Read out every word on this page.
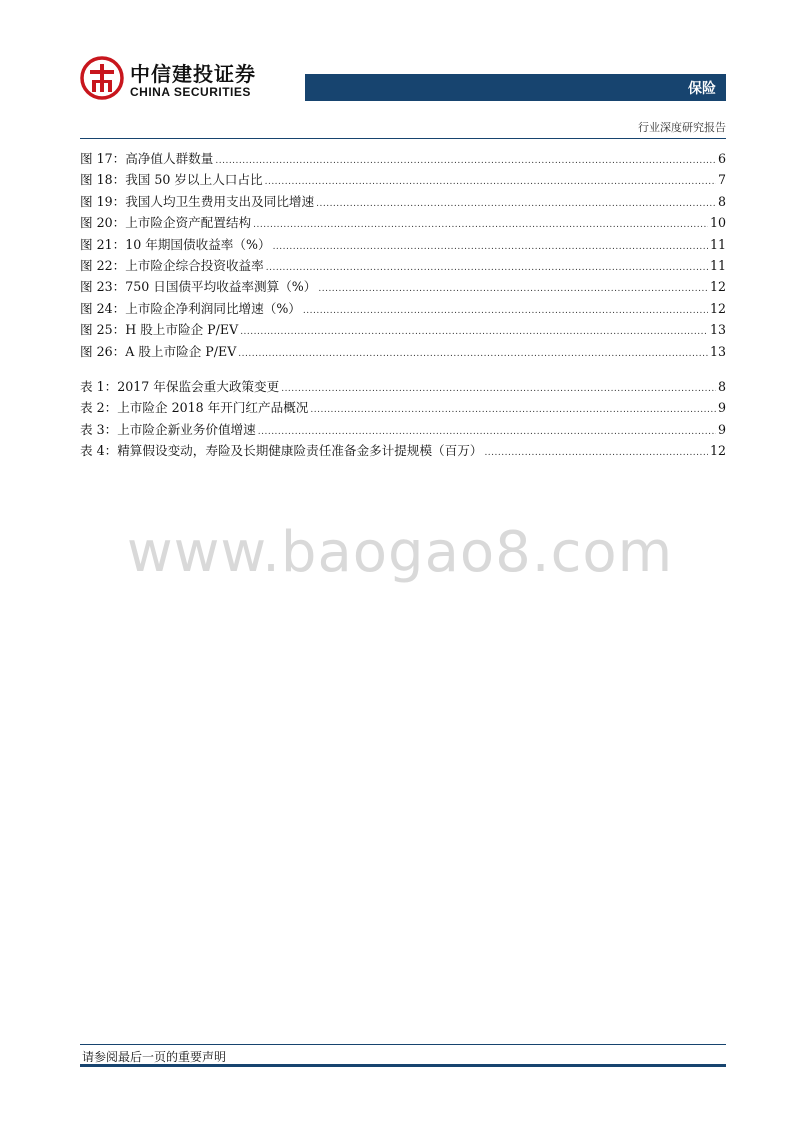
中信建投证券
CHINA SECURITIES	保险
行业深度研究报告
图 17：高净值人群数量 .....	6
图 18：我国 50 岁以上人口占比 .....	7
图 19：我国人均卫生费用支出及同比增速 .....	8
图 20：上市险企资产配置结构 .....	10
图 21：10 年期国债收益率（%） .....	11
图 22：上市险企综合投资收益率 .....	11
图 23：750 日国债平均收益率测算（%） .....	12
图 24：上市险企净利润同比增速（%） .....	12
图 25：H 股上市险企 P/EV .....	13
图 26：A 股上市险企 P/EV .....	13
表 1：2017 年保监会重大政策变更 .....	8
表 2：上市险企 2018 年开门红产品概况 .....	9
表 3：上市险企新业务价值增速 .....	9
表 4：精算假设变动，寿险及长期健康险责任准备金多计提规模（百万） .....	12
www.baogao8.com
请参阅最后一页的重要声明
